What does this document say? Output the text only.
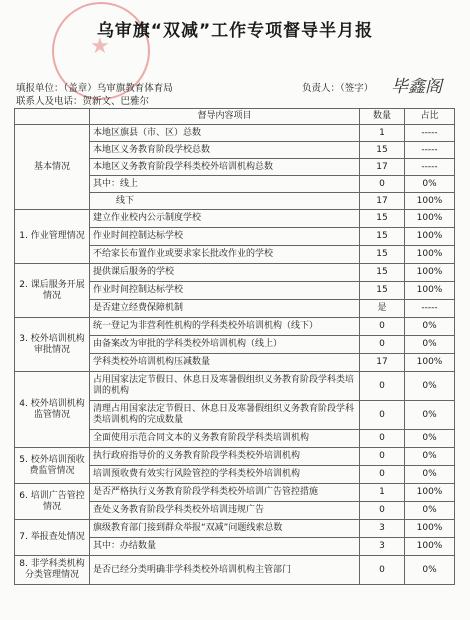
★
乌审旗“双减”工作专项督导半月报
填报单位：（盖章）乌审旗教育体育局	负责人：（签字） 毕鑫阁
联系人及电话：贺新文、巴雅尔
	督导内容项目	数量	占比
基本情况	本地区旗县（市、区）总数	1	-----
	本地区义务教育阶段学校总数	15	-----
	本地区义务教育阶段学科类校外培训机构总数	17	-----
	其中：线上	0	0%
	线下	17	100%
1. 作业管理情况	建立作业校内公示制度学校	15	100%
	作业时间控制达标学校	15	100%
	不给家长布置作业或要求家长批改作业的学校	15	100%
2. 课后服务开展情况	提供课后服务的学校	15	100%
	作业时间控制达标学校	15	100%
	是否建立经费保障机制	是	-----
3. 校外培训机构审批情况	统一登记为非营利性机构的学科类校外培训机构（线下）	0	0%
	由备案改为审批的学科类校外培训机构（线上）	0	0%
	学科类校外培训机构压减数量	17	100%
4. 校外培训机构监管情况	占用国家法定节假日、休息日及寒暑假组织义务教育阶段学科类培训的机构	0	0%
	清理占用国家法定节假日、休息日及寒暑假组织义务教育阶段学科类培训机构的完成数量	0	0%
	全面使用示范合同文本的义务教育阶段学科类培训机构	0	0%
5. 校外培训预收费监管情况	执行政府指导价的义务教育阶段学科类校外培训机构	0	0%
	培训预收费有效实行风险管控的学科类校外培训机构	0	0%
6. 培训广告管控情况	是否严格执行义务教育阶段学科类校外培训广告管控措施	1	100%
	查处义务教育阶段学科类校外培训违规广告	0	0%
7. 举报查处情况	旗级教育部门接到群众举报“双减”问题线索总数	3	100%
	其中：办结数量	3	100%
8. 非学科类机构分类管理情况	是否已经分类明确非学科类校外培训机构主管部门	0	0%
